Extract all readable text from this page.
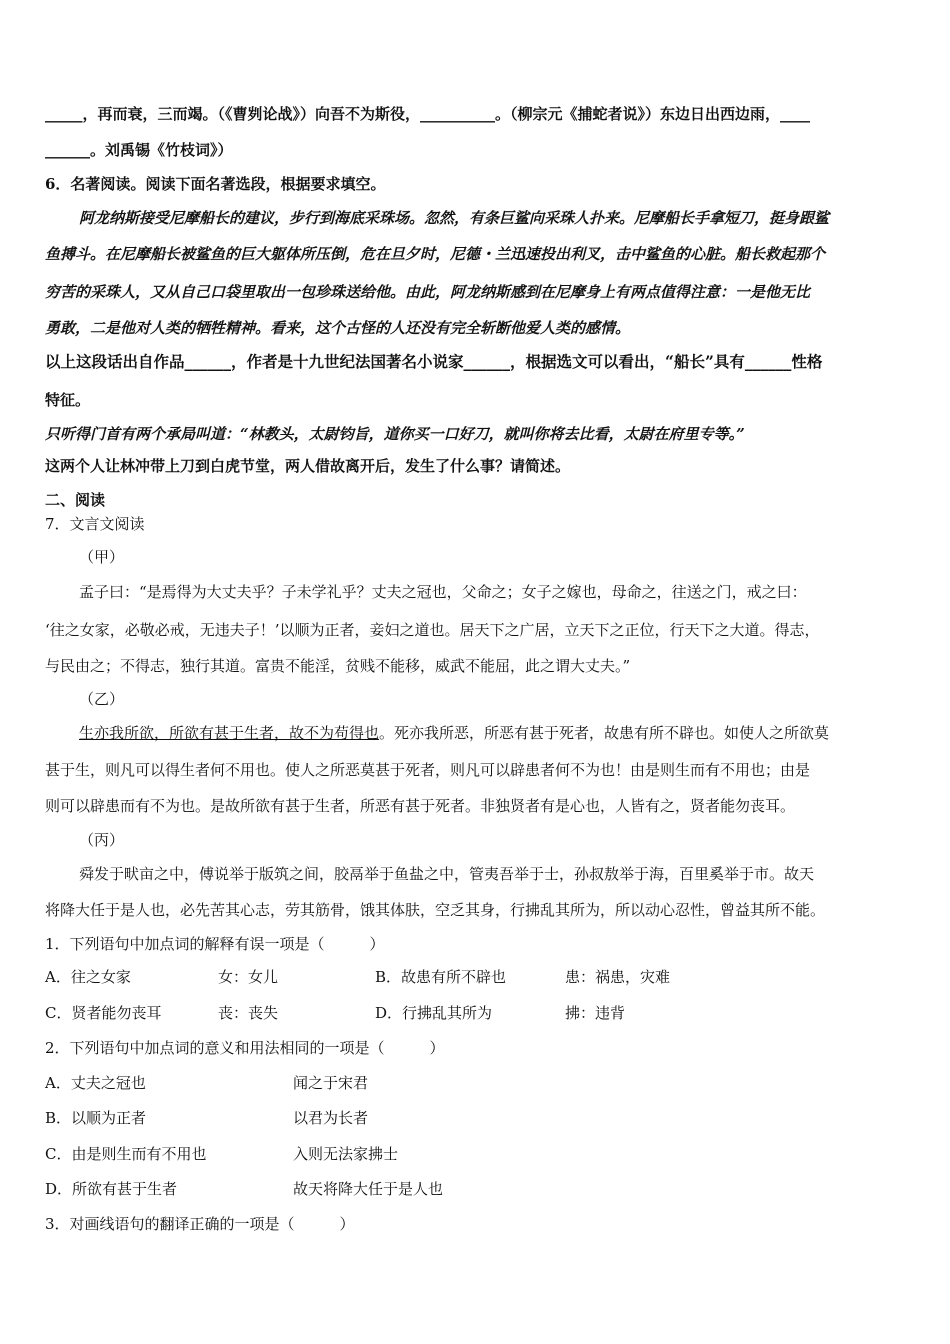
_____，再而衰，三而竭。（《曹刿论战》）向吾不为斯役，__________。（柳宗元《捕蛇者说》）东边日出西边雨，____
______。刘禹锡《竹枝词》）
6．名著阅读。阅读下面名著选段，根据要求填空。
阿龙纳斯接受尼摩船长的建议，步行到海底采珠场。忽然，有条巨鲨向采珠人扑来。尼摩船长手拿短刀，挺身跟鲨
鱼搏斗。在尼摩船长被鲨鱼的巨大躯体所压倒，危在旦夕时，尼德・兰迅速投出利叉，击中鲨鱼的心脏。船长救起那个
穷苦的采珠人，又从自己口袋里取出一包珍珠送给他。由此，阿龙纳斯感到在尼摩身上有两点值得注意：一是他无比
勇敢，二是他对人类的牺牲精神。看来，这个古怪的人还没有完全斩断他爱人类的感情。
以上这段话出自作品______，作者是十九世纪法国著名小说家______，根据选文可以看出，“船长”具有______性格
特征。
只听得门首有两个承局叫道：“林教头，太尉钧旨，道你买一口好刀，就叫你将去比看，太尉在府里专等。”
这两个人让林冲带上刀到白虎节堂，两人借故离开后，发生了什么事？请简述。
二、阅读
7．文言文阅读
（甲）
孟子曰：“是焉得为大丈夫乎？子未学礼乎？丈夫之冠也，父命之；女子之嫁也，母命之，往送之门，戒之曰：
‘往之女家，必敬必戒，无违夫子！’以顺为正者，妾妇之道也。居天下之广居，立天下之正位，行天下之大道。得志，
与民由之；不得志，独行其道。富贵不能淫，贫贱不能移，威武不能屈，此之谓大丈夫。”
（乙）
生亦我所欲，所欲有甚于生者，故不为苟得也。死亦我所恶，所恶有甚于死者，故患有所不辟也。如使人之所欲莫
甚于生，则凡可以得生者何不用也。使人之所恶莫甚于死者，则凡可以辟患者何不为也！由是则生而有不用也；由是
则可以辟患而有不为也。是故所欲有甚于生者，所恶有甚于死者。非独贤者有是心也，人皆有之，贤者能勿丧耳。
（丙）
舜发于畎亩之中，傅说举于版筑之间，胶鬲举于鱼盐之中，管夷吾举于士，孙叔敖举于海，百里奚举于市。故天
将降大任于是人也，必先苦其心志，劳其筋骨，饿其体肤，空乏其身，行拂乱其所为，所以动心忍性，曾益其所不能。
1．下列语句中加点词的解释有误一项是（　　　）
A．往之女家	女：女儿	B．故患有所不辟也	患：祸患，灾难
C．贤者能勿丧耳	丧：丧失	D．行拂乱其所为	拂：违背
2．下列语句中加点词的意义和用法相同的一项是（　　　）
A．丈夫之冠也	闻之于宋君
B．以顺为正者	以君为长者
C．由是则生而有不用也	入则无法家拂士
D．所欲有甚于生者	故天将降大任于是人也
3．对画线语句的翻译正确的一项是（　　　）
